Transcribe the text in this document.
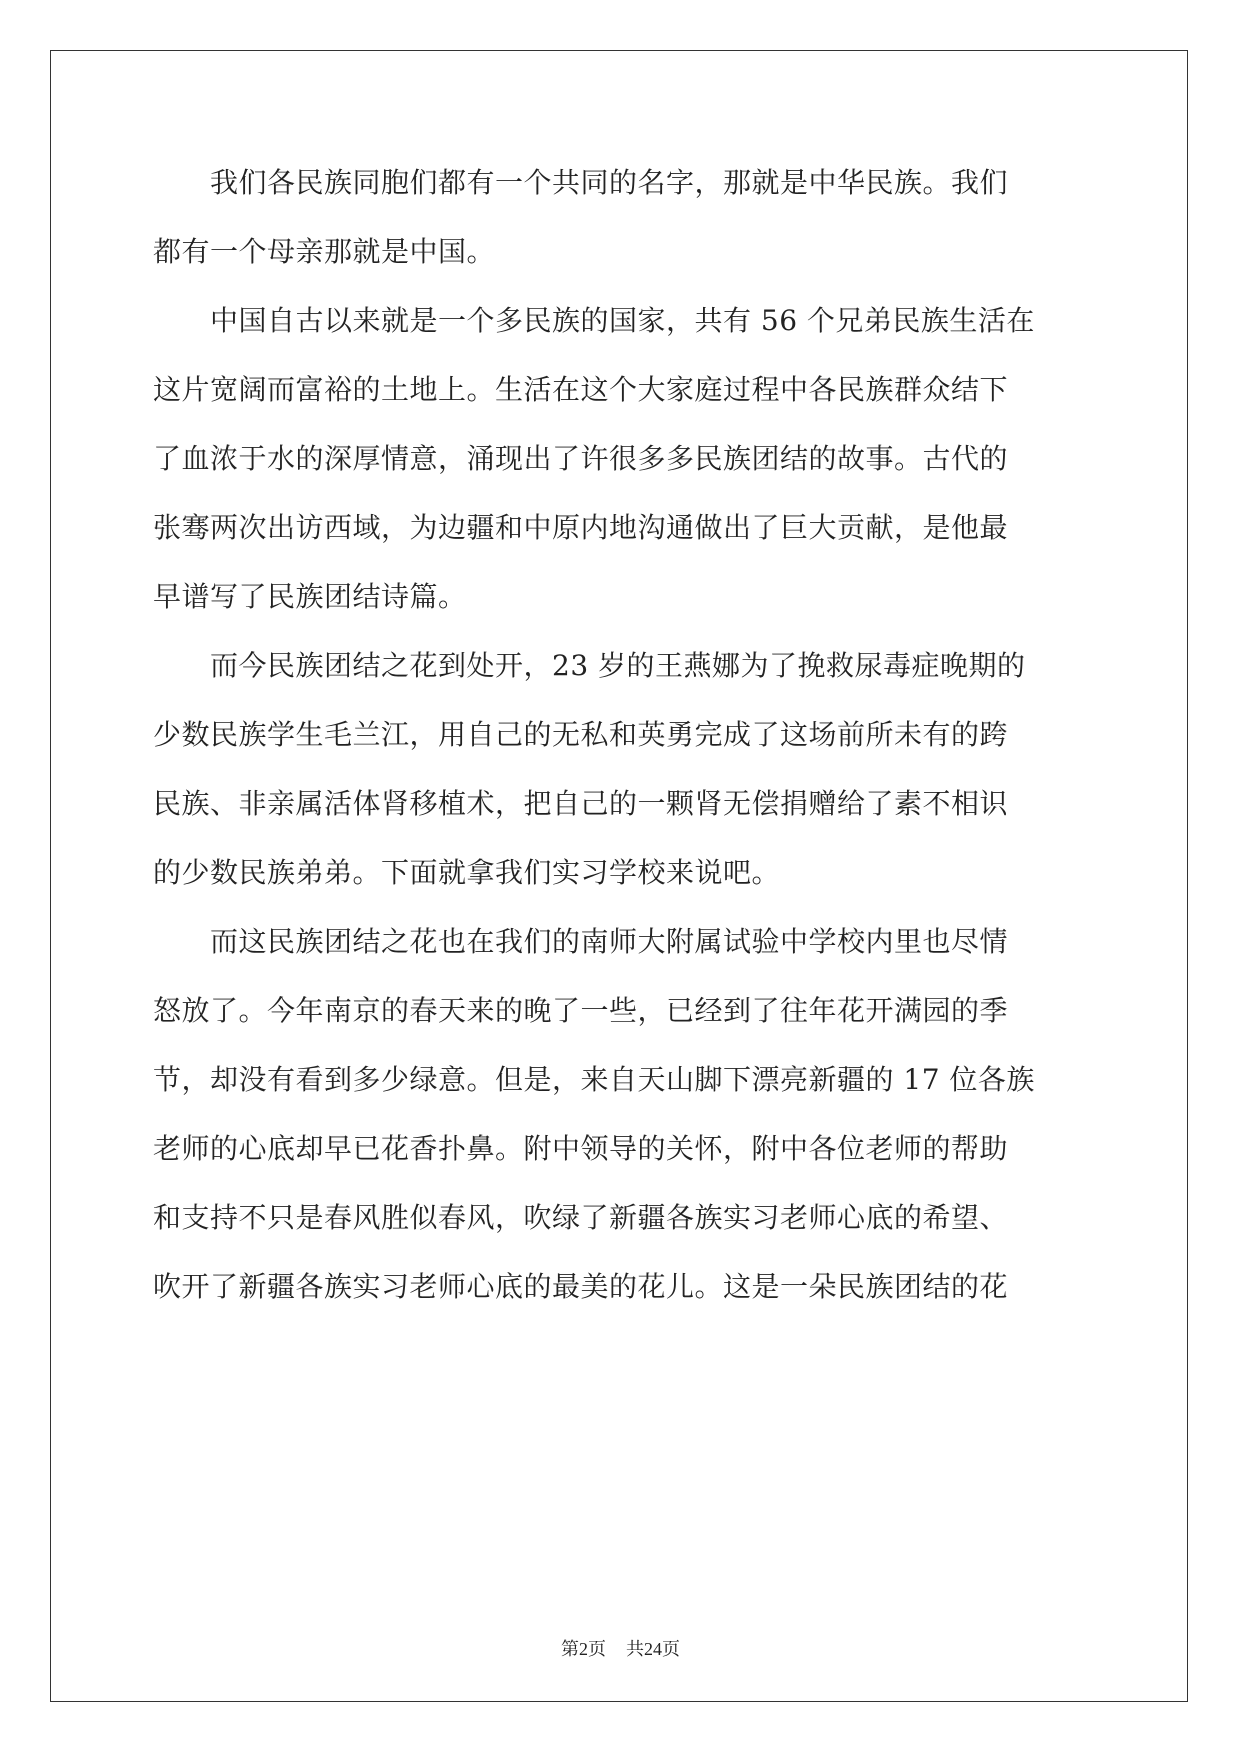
　　我们各民族同胞们都有一个共同的名字，那就是中华民族。我们
都有一个母亲那就是中国。
　　中国自古以来就是一个多民族的国家，共有 56 个兄弟民族生活在
这片宽阔而富裕的土地上。生活在这个大家庭过程中各民族群众结下
了血浓于水的深厚情意，涌现出了许很多多民族团结的故事。古代的
张骞两次出访西域，为边疆和中原内地沟通做出了巨大贡献，是他最
早谱写了民族团结诗篇。
　　而今民族团结之花到处开，23 岁的王燕娜为了挽救尿毒症晚期的
少数民族学生毛兰江，用自己的无私和英勇完成了这场前所未有的跨
民族、非亲属活体肾移植术，把自己的一颗肾无偿捐赠给了素不相识
的少数民族弟弟。下面就拿我们实习学校来说吧。
　　而这民族团结之花也在我们的南师大附属试验中学校内里也尽情
怒放了。今年南京的春天来的晚了一些，已经到了往年花开满园的季
节，却没有看到多少绿意。但是，来自天山脚下漂亮新疆的 17 位各族
老师的心底却早已花香扑鼻。附中领导的关怀，附中各位老师的帮助
和支持不只是春风胜似春风，吹绿了新疆各族实习老师心底的希望、
吹开了新疆各族实习老师心底的最美的花儿。这是一朵民族团结的花
第2页 共24页
